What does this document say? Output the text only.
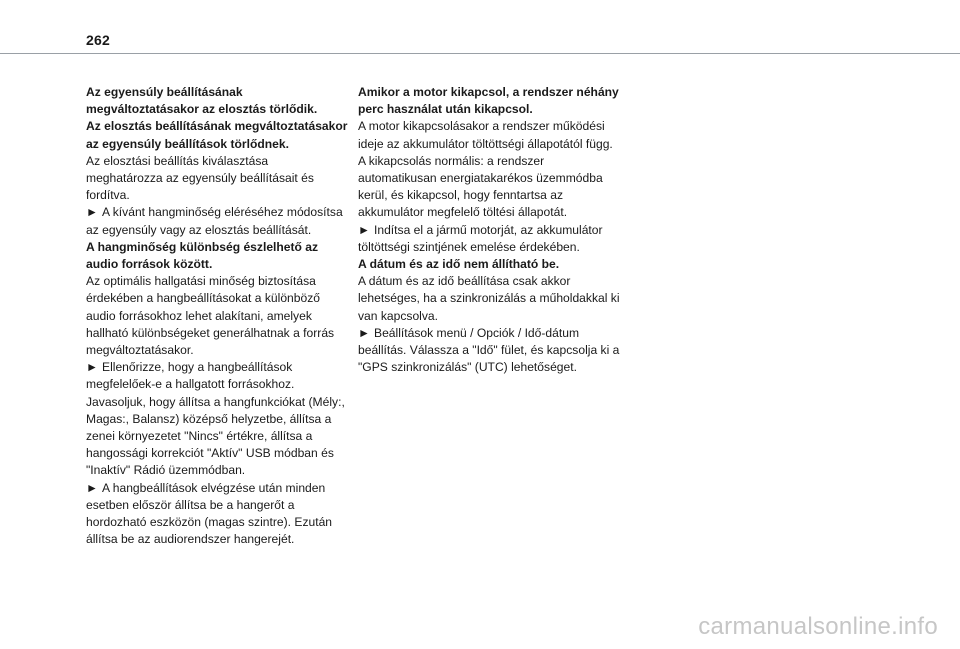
262

Az egyensúly beállításának megváltoztatásakor az elosztás törlődik.

Az elosztás beállításának megváltoztatásakor az egyensúly beállítások törlődnek.

Az elosztási beállítás kiválasztása meghatározza az egyensúly beállításait és fordítva.

► A kívánt hangminőség eléréséhez módosítsa az egyensúly vagy az elosztás beállítását.

A hangminőség különbség észlelhető az audio források között.

Az optimális hallgatási minőség biztosítása érdekében a hangbeállításokat a különböző audio forrásokhoz lehet alakítani, amelyek hallható különbségeket generálhatnak a forrás megváltoztatásakor.

► Ellenőrizze, hogy a hangbeállítások megfelelőek-e a hallgatott forrásokhoz. Javasoljuk, hogy állítsa a hangfunkciókat (Mély:, Magas:, Balansz) középső helyzetbe, állítsa a zenei környezetet "Nincs" értékre, állítsa a hangossági korrekciót "Aktív" USB módban és "Inaktív" Rádió üzemmódban.

► A hangbeállítások elvégzése után minden esetben először állítsa be a hangerőt a hordozható eszközön (magas szintre). Ezután állítsa be az audiorendszer hangerejét.

Amikor a motor kikapcsol, a rendszer néhány perc használat után kikapcsol.

A motor kikapcsolásakor a rendszer működési ideje az akkumulátor töltöttségi állapotától függ.

A kikapcsolás normális: a rendszer automatikusan energiatakarékos üzemmódba kerül, és kikapcsol, hogy fenntartsa az akkumulátor megfelelő töltési állapotát.

► Indítsa el a jármű motorját, az akkumulátor töltöttségi szintjének emelése érdekében.

A dátum és az idő nem állítható be.

A dátum és az idő beállítása csak akkor lehetséges, ha a szinkronizálás a műholdakkal ki van kapcsolva.

► Beállítások menü / Opciók / Idő-dátum beállítás. Válassza a "Idő" fület, és kapcsolja ki a "GPS szinkronizálás" (UTC) lehetőséget.

carmanualsonline.info
